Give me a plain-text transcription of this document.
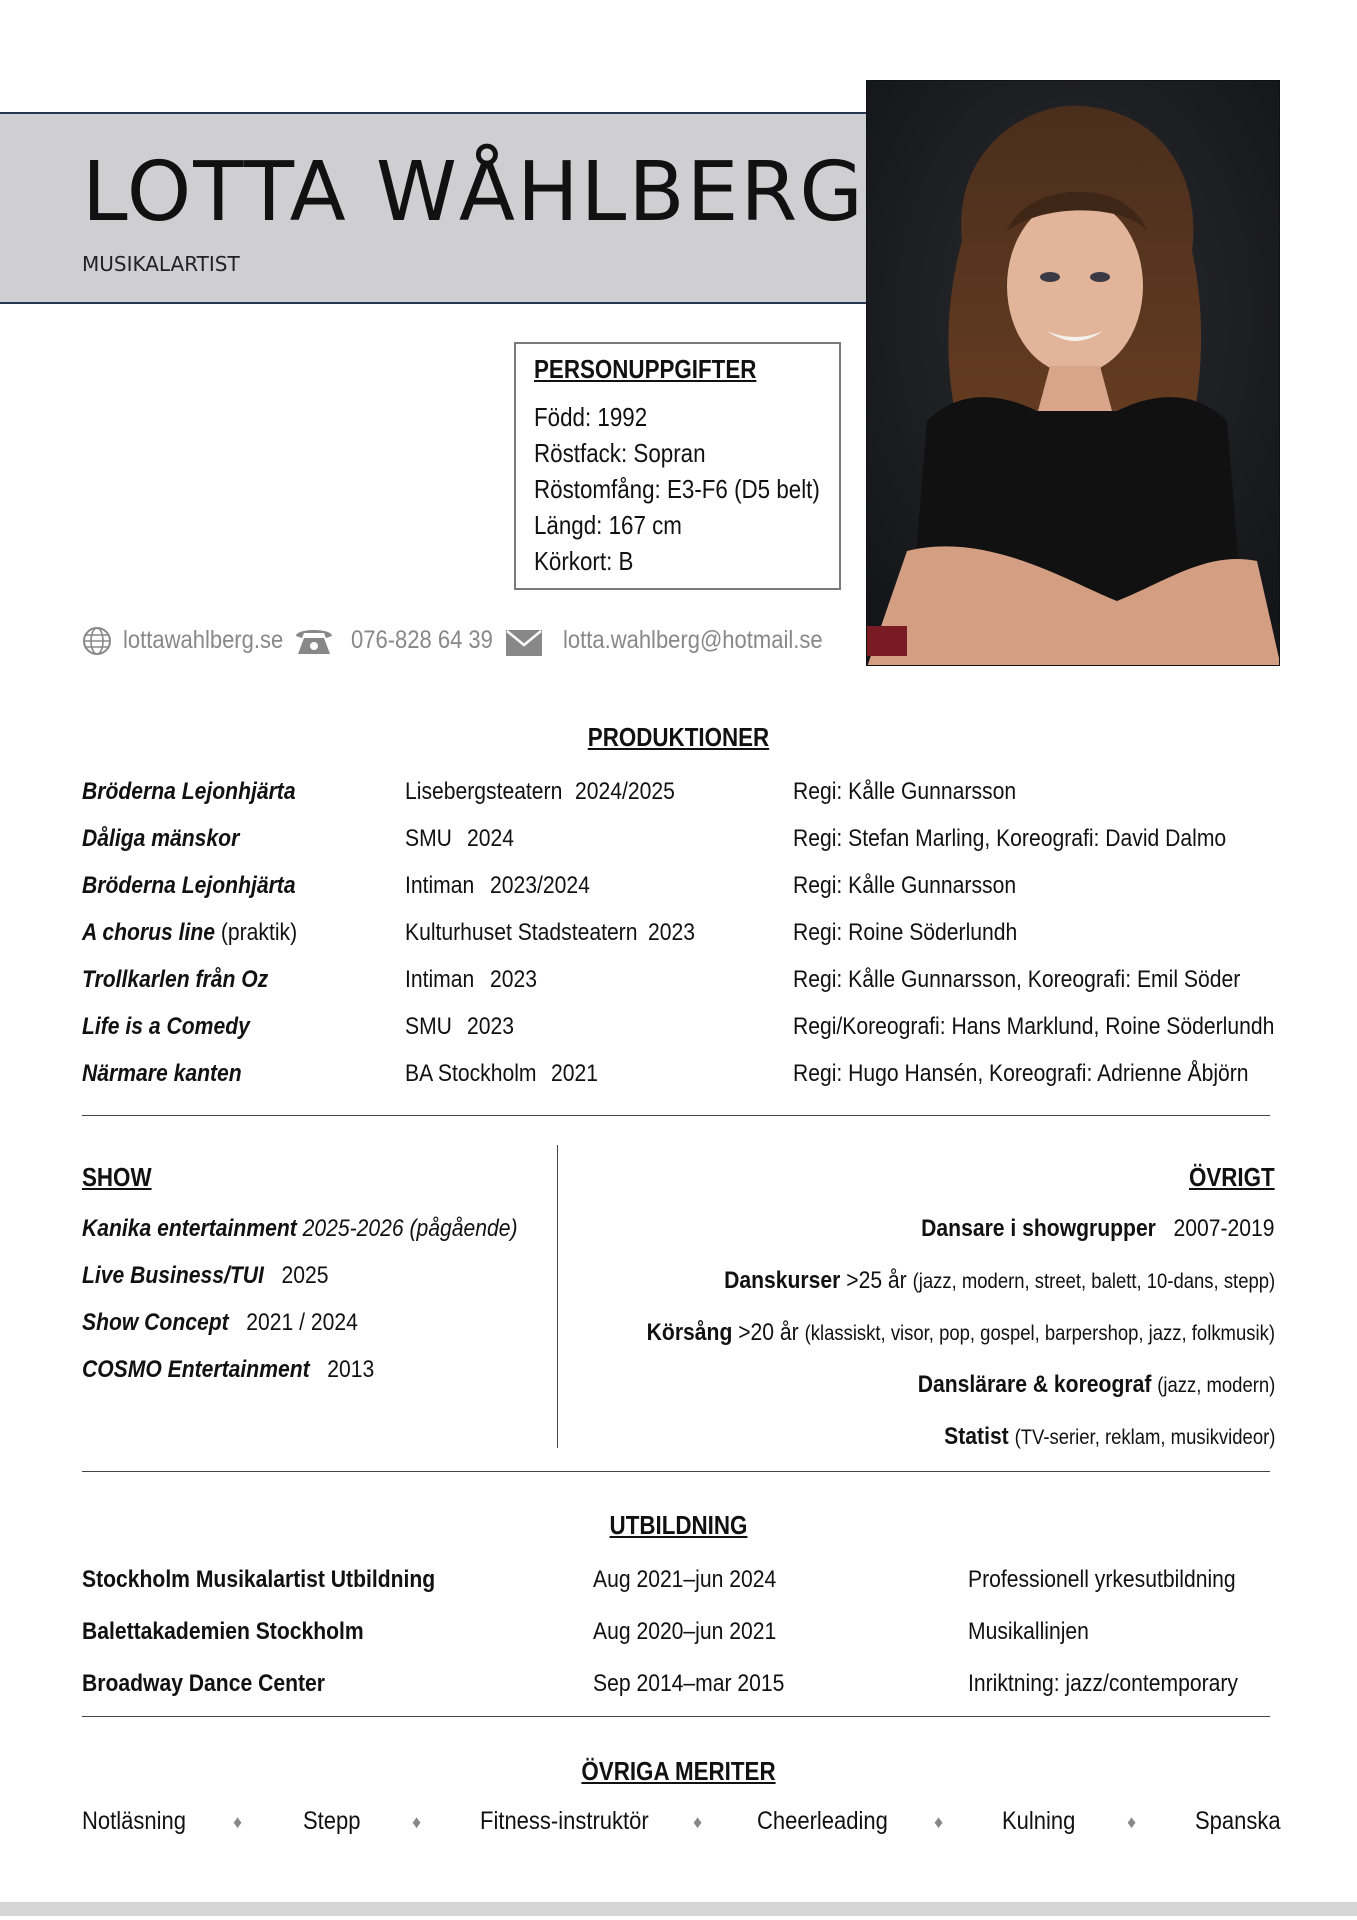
LOTTA WÅHLBERG
MUSIKALARTIST
PERSONUPPGIFTER
Född: 1992
Röstfack: Sopran
Röstomfång: E3-F6 (D5 belt)
Längd: 167 cm
Körkort: B
lottawahlberg.se	076-828 64 39	lotta.wahlberg@hotmail.se
PRODUKTIONER
Bröderna Lejonhjärta	Lisebergsteatern 2024/2025	Regi: Kålle Gunnarsson
Dåliga mänskor	SMU 2024	Regi: Stefan Marling, Koreografi: David Dalmo
Bröderna Lejonhjärta	Intiman 2023/2024	Regi: Kålle Gunnarsson
A chorus line (praktik)	Kulturhuset Stadsteatern 2023	Regi: Roine Söderlundh
Trollkarlen från Oz	Intiman 2023	Regi: Kålle Gunnarsson, Koreografi: Emil Söder
Life is a Comedy	SMU 2023	Regi/Koreografi: Hans Marklund, Roine Söderlundh
Närmare kanten	BA Stockholm 2021	Regi: Hugo Hansén, Koreografi: Adrienne Åbjörn
SHOW
Kanika entertainment 2025-2026 (pågående)
Live Business/TUI 2025
Show Concept 2021 / 2024
COSMO Entertainment 2013
ÖVRIGT
Dansare i showgrupper 2007-2019
Danskurser >25 år (jazz, modern, street, balett, 10-dans, stepp)
Körsång >20 år (klassiskt, visor, pop, gospel, barpershop, jazz, folkmusik)
Danslärare & koreograf (jazz, modern)
Statist (TV-serier, reklam, musikvideor)
UTBILDNING
Stockholm Musikalartist Utbildning	Aug 2021–jun 2024	Professionell yrkesutbildning
Balettakademien Stockholm	Aug 2020–jun 2021	Musikallinjen
Broadway Dance Center	Sep 2014–mar 2015	Inriktning: jazz/contemporary
ÖVRIGA MERITER
Notläsning	♦ Stepp	♦ Fitness-instruktör ♦ Cheerleading	♦ Kulning	♦ Spanska
